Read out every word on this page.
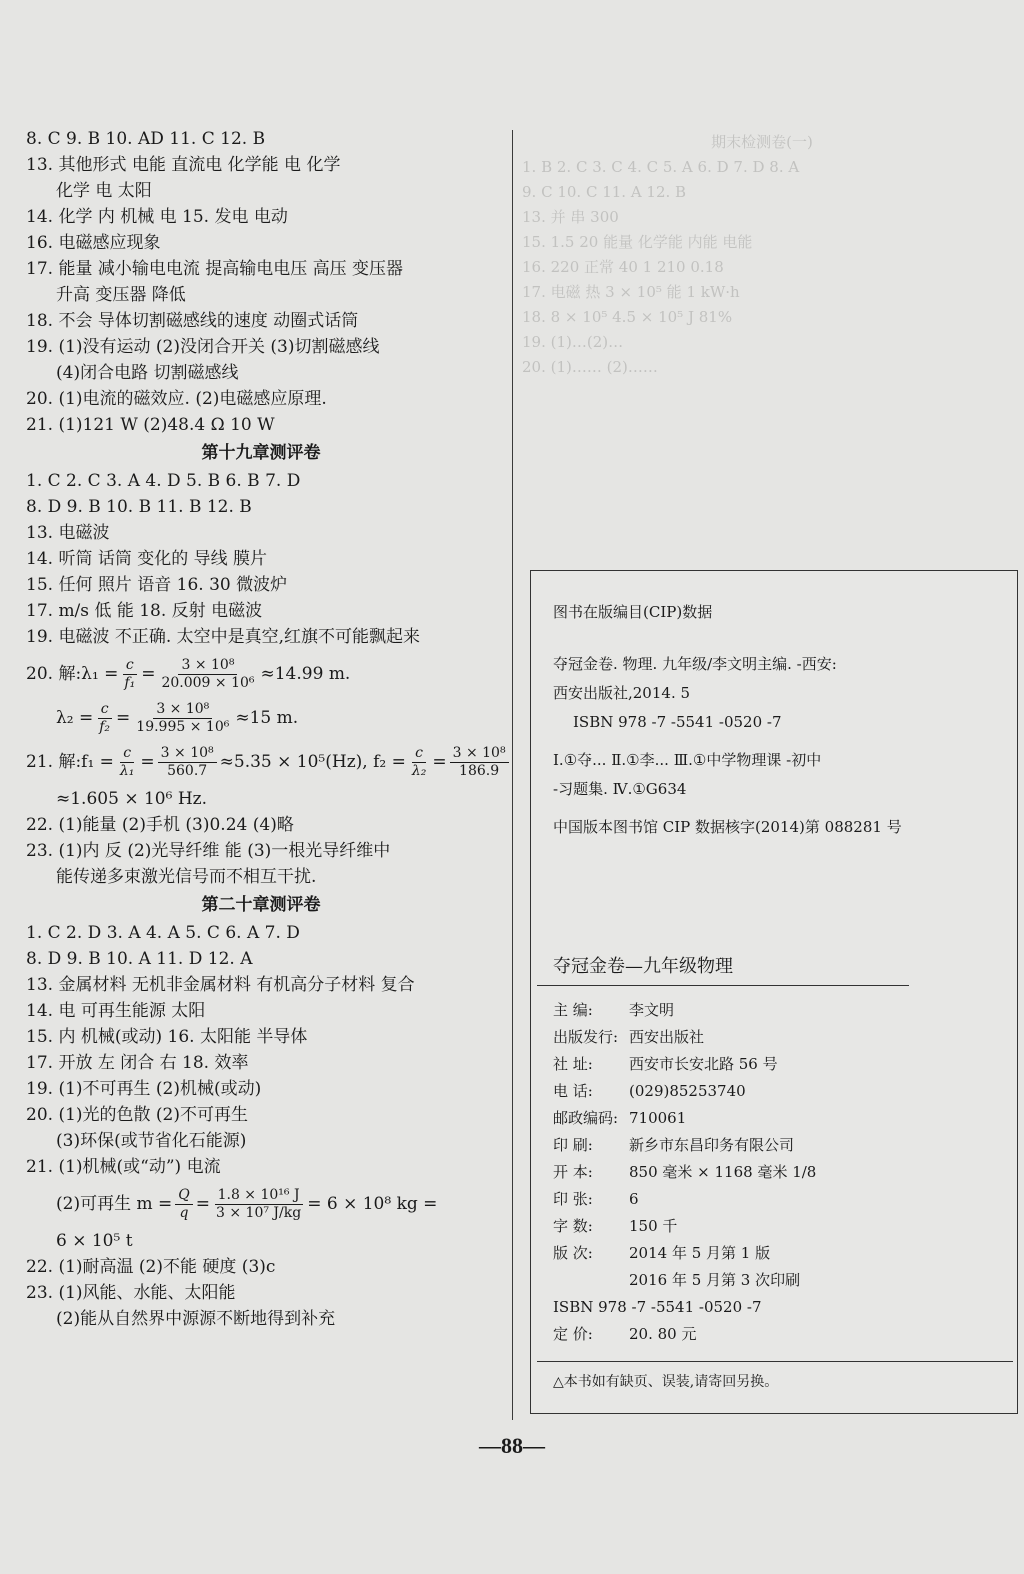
8. C 9. B 10. AD 11. C 12. B
13. 其他形式 电能 直流电 化学能 电 化学
化学 电 太阳
14. 化学 内 机械 电 15. 发电 电动
16. 电磁感应现象
17. 能量 减小输电电流 提高输电电压 高压 变压器
升高 变压器 降低
18. 不会 导体切割磁感线的速度 动圈式话筒
19. (1)没有运动 (2)没闭合开关 (3)切割磁感线
(4)闭合电路 切割磁感线
20. (1)电流的磁效应. (2)电磁感应原理.
21. (1)121 W (2)48.4 Ω 10 W
第十九章测评卷
1. C 2. C 3. A 4. D 5. B 6. B 7. D
8. D 9. B 10. B 11. B 12. B
13. 电磁波
14. 听筒 话筒 变化的 导线 膜片
15. 任何 照片 语音 16. 30 微波炉
17. m/s 低 能 18. 反射 电磁波
19. 电磁波 不正确. 太空中是真空,红旗不可能飘起来
20. 解:λ₁ = $\frac{c}{\text{f₁}} = \frac{\text{3 × 10⁸}}{\text{20.009 × 10⁶}} \approx 14.99$ m.
$\lambda_2 = \frac{c}{\text{f₂}} = \frac{\text{3 × 10⁸}}{\text{19.995 × 10⁶}} \approx 15$ m.
21. 解:f₁ = $\frac{c}{\text{λ₁}} = \frac{\text{3 × 10⁸}}{560.7} \approx 5.35 \times 10^5(Hz)$, $f_2 = \frac{c}{\text{λ₂}} = \frac{\text{3 × 10⁸}}{186.9}$
≈1.605 × 10⁶ Hz.
22. (1)能量 (2)手机 (3)0.24 (4)略
23. (1)内 反 (2)光导纤维 能 (3)一根光导纤维中
能传递多束激光信号而不相互干扰.
第二十章测评卷
1. C 2. D 3. A 4. A 5. C 6. A 7. D
8. D 9. B 10. A 11. D 12. A
13. 金属材料 无机非金属材料 有机高分子材料 复合
14. 电 可再生能源 太阳
15. 内 机械(或动) 16. 太阳能 半导体
17. 开放 左 闭合 右 18. 效率
19. (1)不可再生 (2)机械(或动)
20. (1)光的色散 (2)不可再生
(3)环保(或节省化石能源)
21. (1)机械(或“动”) 电流
(2)可再生 $m = \frac{Q}{q} = \frac{\text{1.8 × 10¹⁶ J}}{\text{3 × 10⁷ J/kg}} = 6 \times 10^8$ kg =
6 × 10⁵ t
22. (1)耐高温 (2)不能 硬度 (3)c
23. (1)风能、水能、太阳能
(2)能从自然界中源源不断地得到补充
期末检测卷(一)
1. B 2. C 3. C 4. C 5. A 6. D 7. D 8. A
9. C 10. C 11. A 12. B
13. 并 串 300
15. 1.5 20 能量 化学能 内能 电能
16. 220 正常 40 1 210 0.18
17. 电磁 热 3 × 10⁵ 能 1 kW·h
18. 8 × 10⁵ 4.5 × 10⁵ J 81%
19. (1)…(2)…
20. (1)…… (2)……
图书在版编目(CIP)数据
夺冠金卷. 物理. 九年级/李文明主编. -西安:
西安出版社,2014. 5
ISBN 978 -7 -5541 -0520 -7
Ⅰ.①夺... Ⅱ.①李... Ⅲ.①中学物理课 -初中
-习题集. Ⅳ.①G634
中国版本图书馆 CIP 数据核字(2014)第 088281 号
夺冠金卷—九年级物理
主 编:	李文明
出版发行: 西安出版社
社 址:	西安市长安北路 56 号
电 话:	(029)85253740
邮政编码: 710061
印 刷:	新乡市东昌印务有限公司
开 本:	850 毫米 × 1168 毫米 1/8
印 张:	6
字 数:	150 千
版 次:	2014 年 5 月第 1 版
2016 年 5 月第 3 次印刷
ISBN 978 -7 -5541 -0520 -7
定 价:	20. 80 元
△本书如有缺页、误装,请寄回另换。
—88—
